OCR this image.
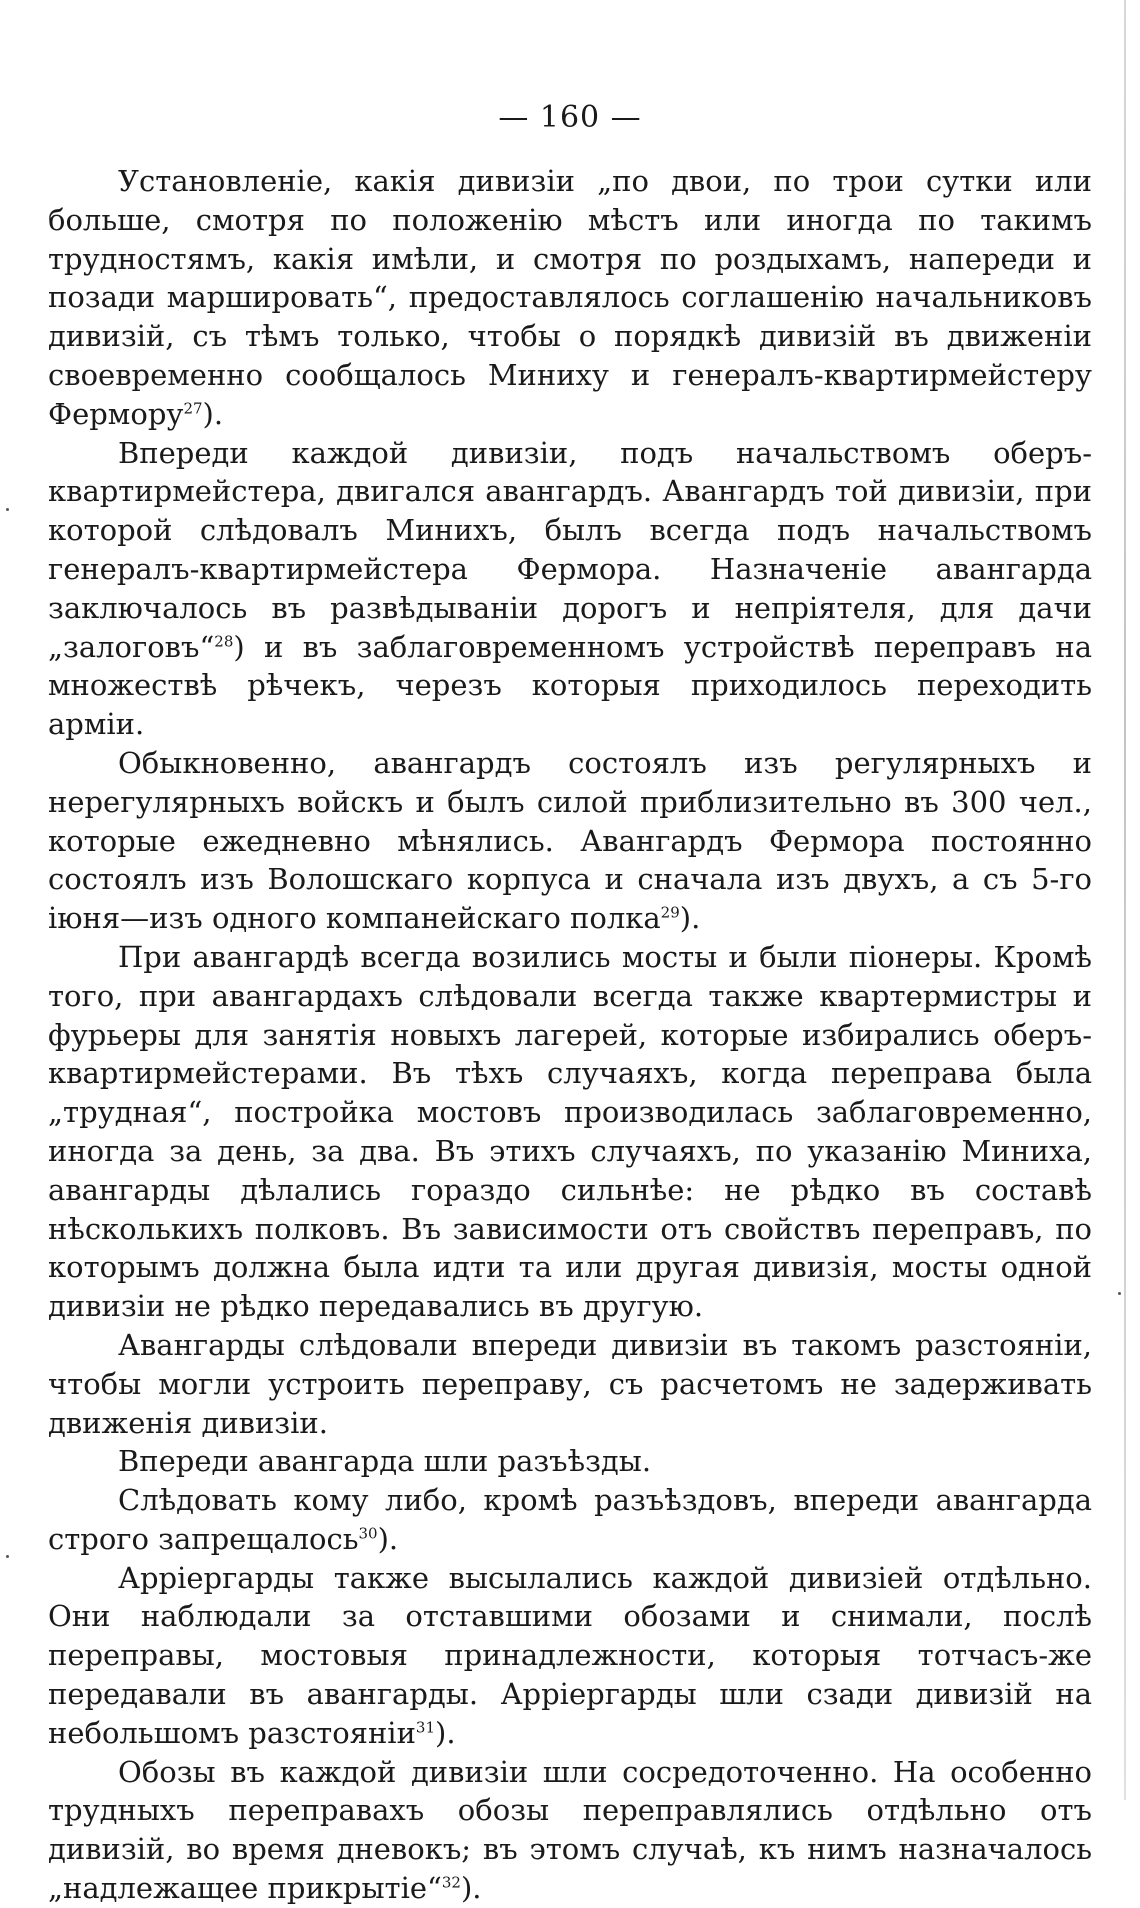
— 160 —

Установленіе, какія дивизіи „по двои, по трои сутки или больше, смотря по положенію мѣстъ или иногда по такимъ трудностямъ, какія имѣли, и смотря по роздыхамъ, напереди и позади маршировать“, предоставлялось соглашенію начальниковъ дивизій, съ тѣмъ только, чтобы о порядкѣ дивизій въ движеніи своевременно сообщалось Миниху и генералъ-квартирмейстеру Фермору$^{27}$).

Впереди каждой дивизіи, подъ начальствомъ оберъ-квартирмейстера, двигался авангардъ. Авангардъ той дивизіи, при которой слѣдовалъ Минихъ, былъ всегда подъ начальствомъ генералъ-квартирмейстера Фермора. Назначеніе авангарда заключалось въ развѣдываніи дорогъ и непріятеля, для дачи „залоговъ“$^{28}$) и въ заблаговременномъ устройствѣ переправъ на множествѣ рѣчекъ, черезъ которыя приходилось переходить арміи.

Обыкновенно, авангардъ состоялъ изъ регулярныхъ и нерегулярныхъ войскъ и былъ силой приблизительно въ 300 чел., которые ежедневно мѣнялись. Авангардъ Фермора постоянно состоялъ изъ Волошскаго корпуса и сначала изъ двухъ, а съ 5-го іюня—изъ одного компанейскаго полка$^{29}$).

При авангардѣ всегда возились мосты и были піонеры. Кромѣ того, при авангардахъ слѣдовали всегда также квартермистры и фурьеры для занятія новыхъ лагерей, которые избирались оберъ-квартирмейстерами. Въ тѣхъ случаяхъ, когда переправа была „трудная“, постройка мостовъ производилась заблаговременно, иногда за день, за два. Въ этихъ случаяхъ, по указанію Миниха, авангарды дѣлались гораздо сильнѣе: не рѣдко въ составѣ нѣсколькихъ полковъ. Въ зависимости отъ свойствъ переправъ, по которымъ должна была идти та или другая дивизія, мосты одной дивизіи не рѣдко передавались въ другую.

Авангарды слѣдовали впереди дивизіи въ такомъ разстояніи, чтобы могли устроить переправу, съ расчетомъ не задерживать движенія дивизіи.

Впереди авангарда шли разъѣзды.

Слѣдовать кому либо, кромѣ разъѣздовъ, впереди авангарда строго запрещалось$^{30}$).

Арріергарды также высылались каждой дивизіей отдѣльно. Они наблюдали за отставшими обозами и снимали, послѣ переправы, мостовыя принадлежности, которыя тотчасъ-же передавали въ авангарды. Арріергарды шли сзади дивизій на небольшомъ разстояніи$^{31}$).

Обозы въ каждой дивизіи шли сосредоточенно. На особенно трудныхъ переправахъ обозы переправлялись отдѣльно отъ дивизій, во время дневокъ; въ этомъ случаѣ, къ нимъ назначалось „надлежащее прикрытіе“$^{32}$).
